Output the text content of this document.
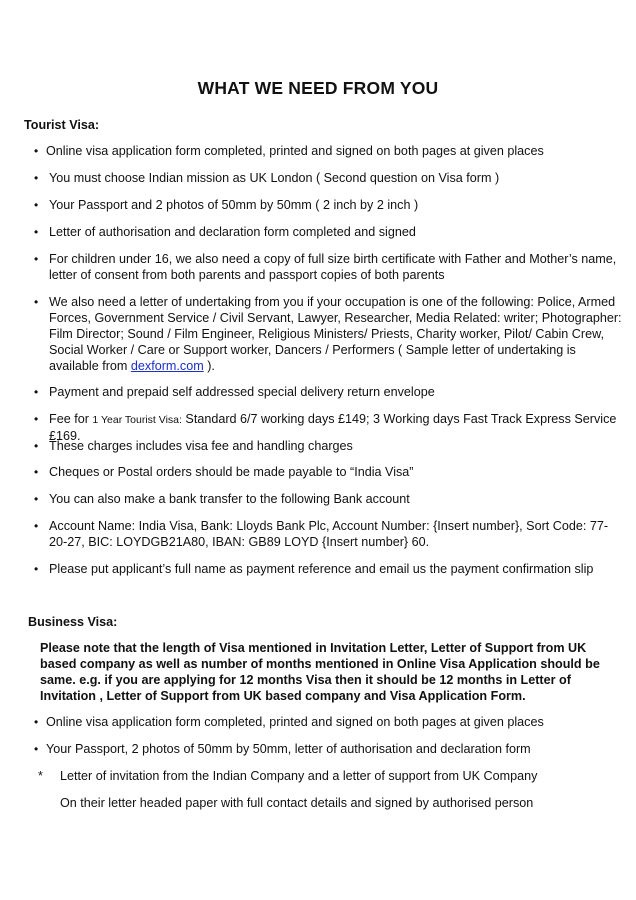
WHAT WE NEED FROM YOU
Tourist Visa:
• Online visa application form completed, printed and signed on both pages at given places
• You must choose Indian mission as UK London ( Second question on Visa form )
• Your Passport and 2 photos of 50mm by 50mm ( 2 inch by 2 inch )
• Letter of authorisation and declaration form completed and signed
• For children under 16, we also need a copy of full size birth certificate with Father and Mother’s name, letter of consent from both parents and passport copies of both parents
• We also need a letter of undertaking from you if your occupation is one of the following: Police, Armed Forces, Government Service / Civil Servant, Lawyer, Researcher, Media Related: writer; Photographer: Film Director; Sound / Film Engineer, Religious Ministers/ Priests, Charity worker, Pilot/ Cabin Crew, Social Worker / Care or Support worker, Dancers / Performers ( Sample letter of undertaking is available from dexform.com ).
• Payment and prepaid self addressed special delivery return envelope
• Fee for 1 Year Tourist Visa: Standard 6/7 working days £149; 3 Working days Fast Track Express Service £169.
• These charges includes visa fee and handling charges
• Cheques or Postal orders should be made payable to “India Visa”
• You can also make a bank transfer to the following Bank account
• Account Name: India Visa, Bank: Lloyds Bank Plc, Account Number: {Insert number}, Sort Code: 77-20-27, BIC: LOYDGB21A80, IBAN: GB89 LOYD {Insert number} 60.
• Please put applicant’s full name as payment reference and email us the payment confirmation slip
Business Visa:

Please note that the length of Visa mentioned in Invitation Letter, Letter of Support from UK based company as well as number of months mentioned in Online Visa Application should be same. e.g. if you are applying for 12 months Visa then it should be 12 months in Letter of Invitation , Letter of Support from UK based company and Visa Application Form.

• Online visa application form completed, printed and signed on both pages at given places
• Your Passport, 2 photos of 50mm by 50mm, letter of authorisation and declaration form
* Letter of invitation from the Indian Company and a letter of support from UK Company
On their letter headed paper with full contact details and signed by authorised person
